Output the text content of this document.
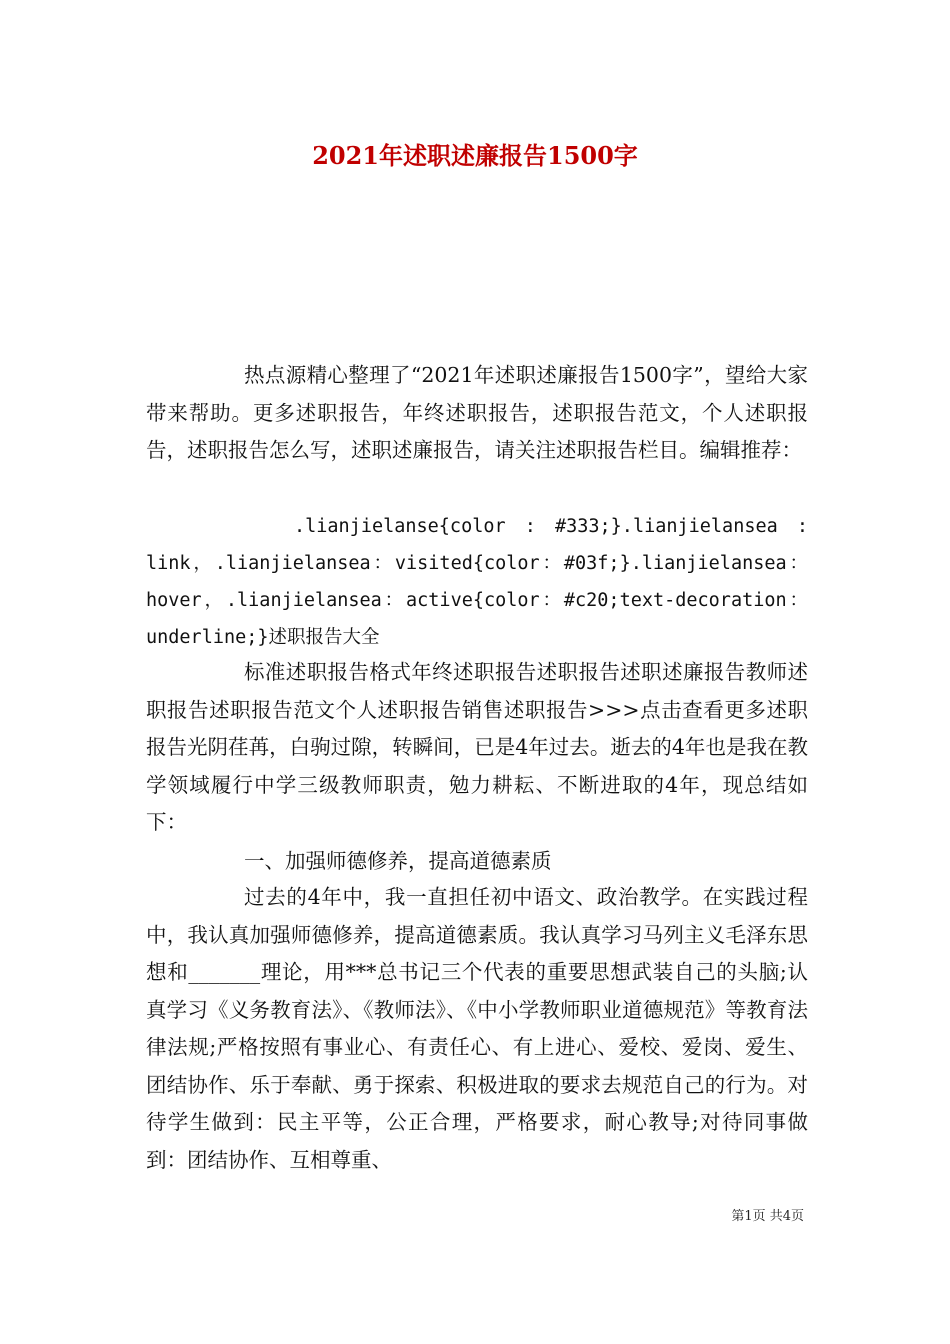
2021年述职述廉报告1500字

热点源精心整理了“2021年述职述廉报告1500字”，望给大家带来帮助。更多述职报告，年终述职报告，述职报告范文，个人述职报告，述职报告怎么写，述职述廉报告，请关注述职报告栏目。编辑推荐：

.lianjielanse{color : #333;}.lianjielansea : link，.lianjielansea：visited{color：#03f;}.lianjielansea：hover，.lianjielansea：active{color：#c20;text-decoration：underline;}述职报告大全

标准述职报告格式年终述职报告述职报告述职述廉报告教师述职报告述职报告范文个人述职报告销售述职报告>>>点击查看更多述职报告光阴荏苒，白驹过隙，转瞬间，已是4年过去。逝去的4年也是我在教学领域履行中学三级教师职责，勉力耕耘、不断进取的4年，现总结如下：

一、加强师德修养，提高道德素质

过去的4年中，我一直担任初中语文、政治教学。在实践过程中，我认真加强师德修养，提高道德素质。我认真学习马列主义毛泽东思想和_______理论，用***总书记三个代表的重要思想武装自己的头脑;认真学习《义务教育法》、《教师法》、《中小学教师职业道德规范》等教育法律法规;严格按照有事业心、有责任心、有上进心、爱校、爱岗、爱生、团结协作、乐于奉献、勇于探索、积极进取的要求去规范自己的行为。对待学生做到：民主平等，公正合理，严格要求，耐心教导;对待同事做到：团结协作、互相尊重、

第1页 共4页
